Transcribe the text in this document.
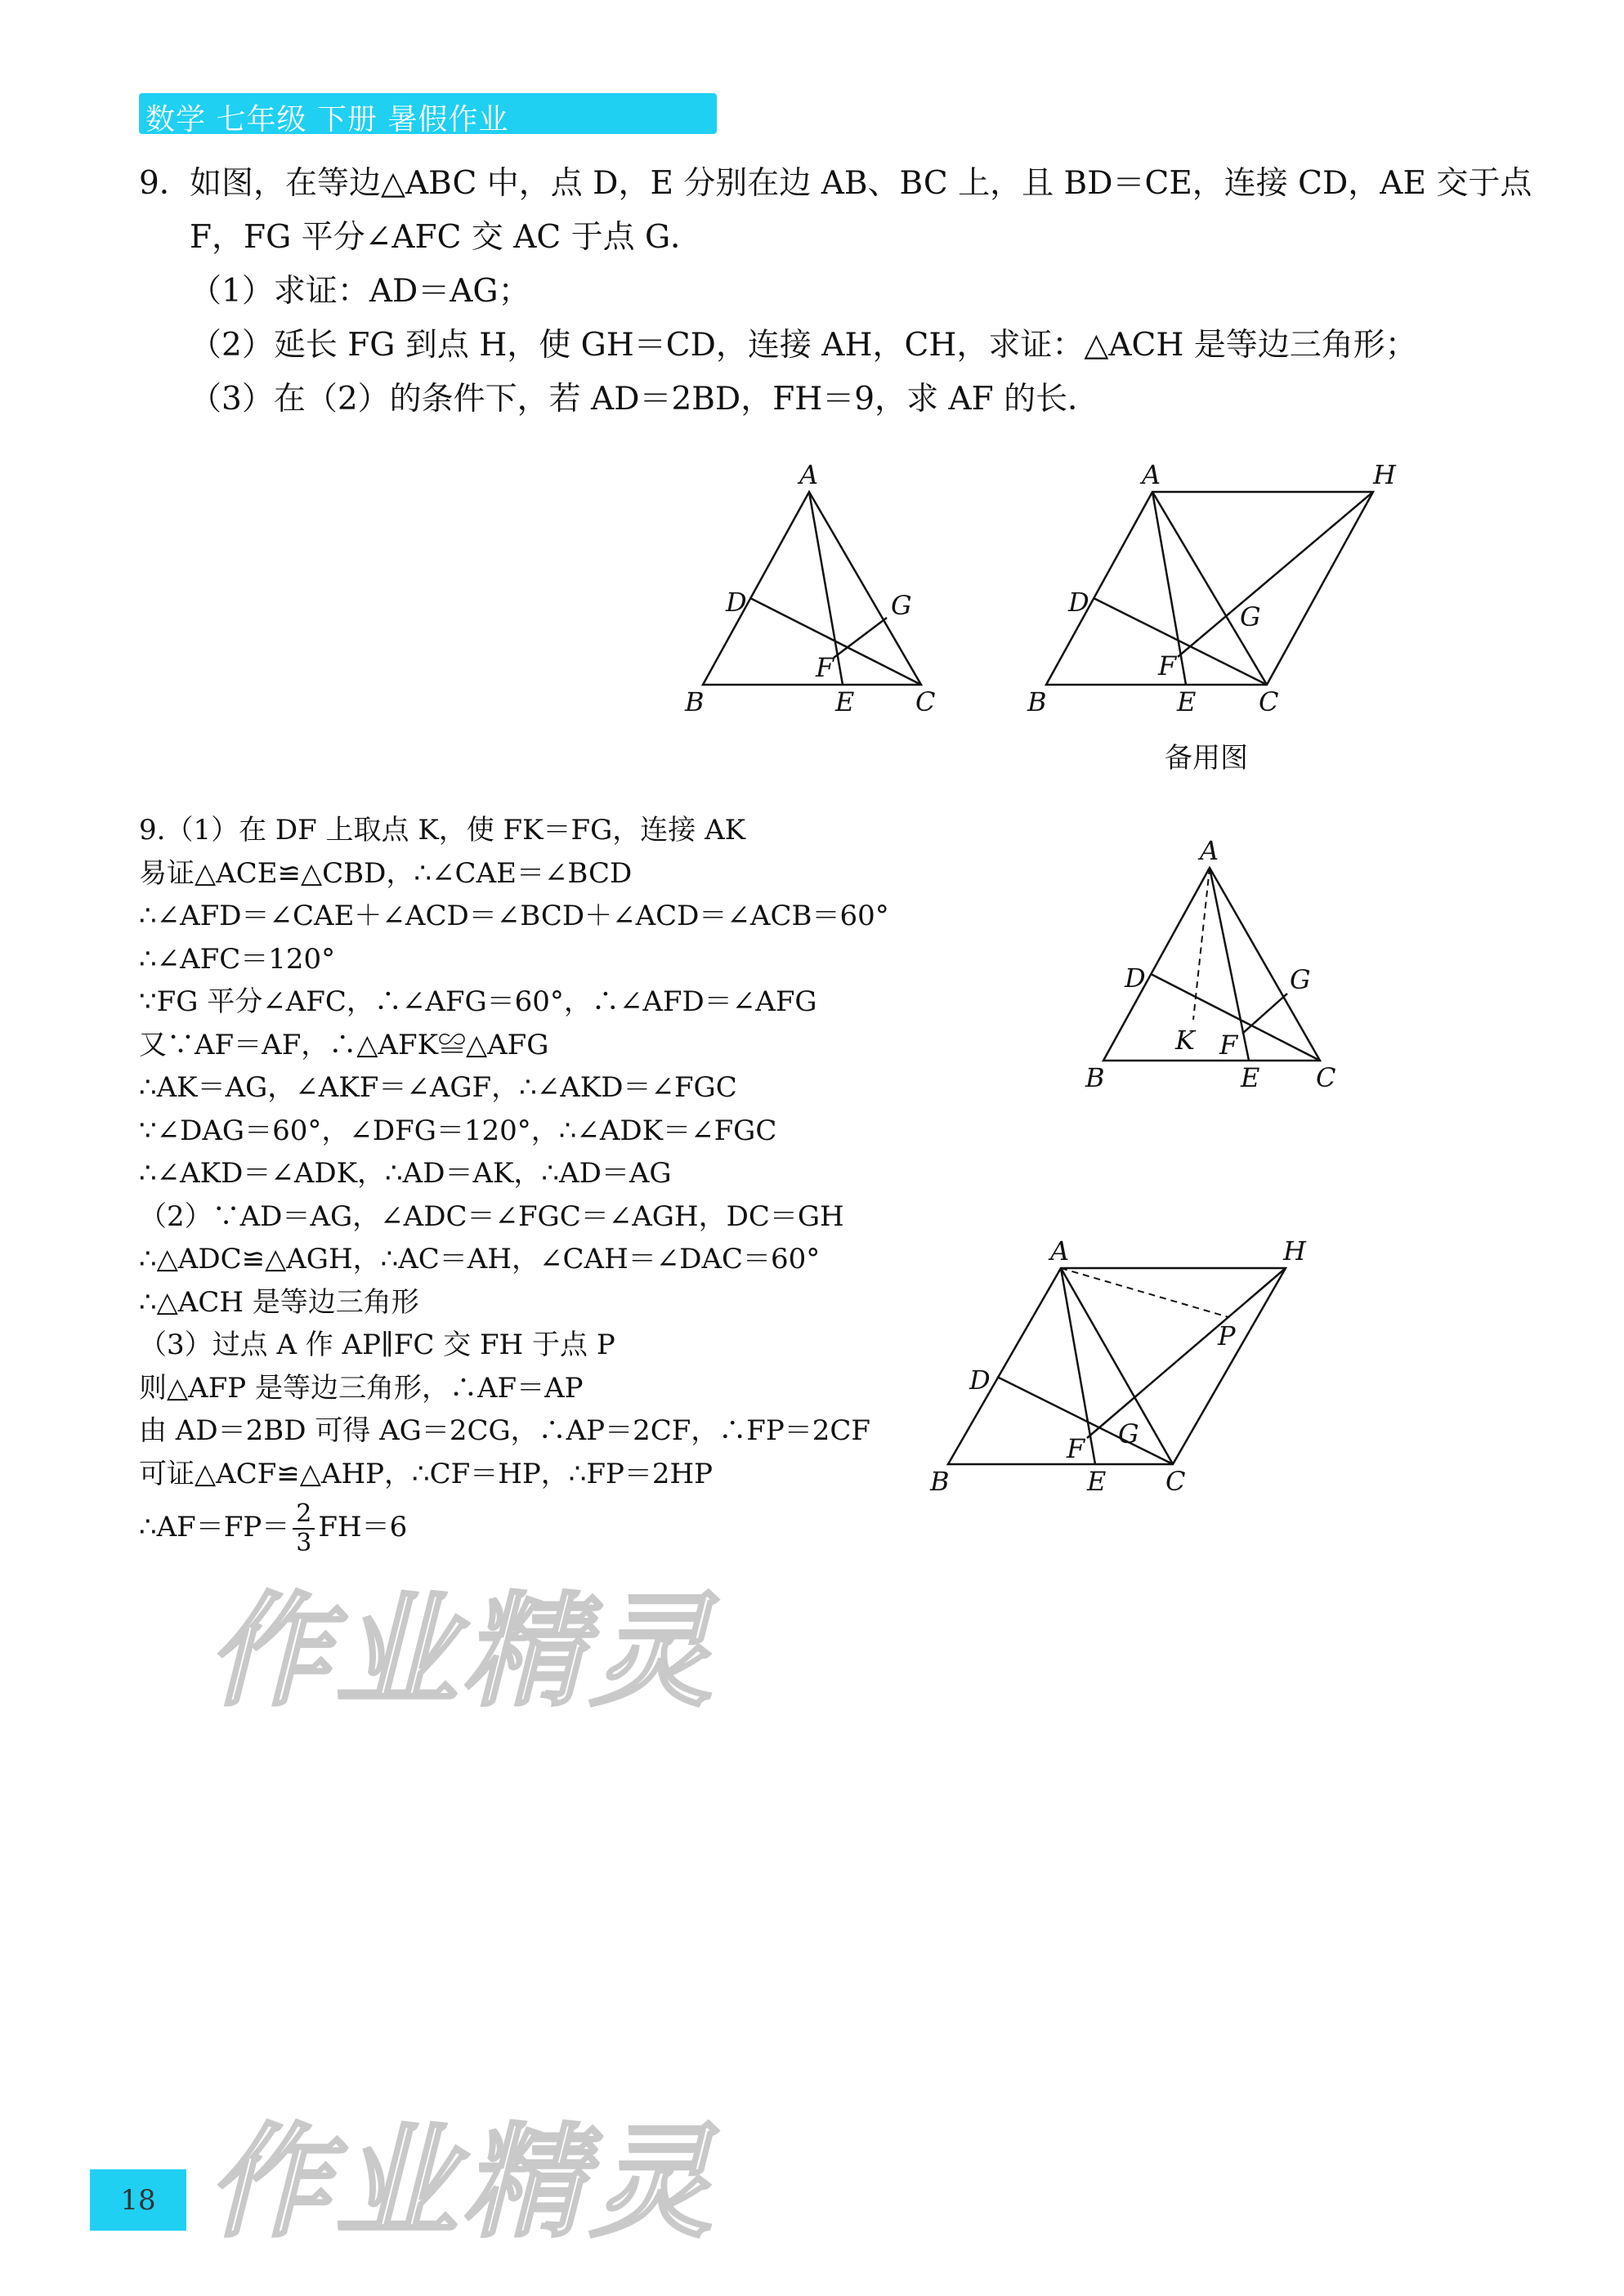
数学 七年级 下册 暑假作业
9．如图，在等边△ABC 中，点 D，E 分别在边 AB、BC 上，且 BD＝CE，连接 CD，AE 交于点
F，FG 平分∠AFC 交 AC 于点 G．
（1）求证：AD＝AG；
（2）延长 FG 到点 H，使 GH＝CD，连接 AH，CH，求证：△ACH 是等边三角形；
（3）在（2）的条件下，若 AD＝2BD，FH＝9，求 AF 的长．
A
B	C
D
E
F
G
A	H
B	C
D
E
F
G
备用图
9.（1）在 DF 上取点 K，使 FK＝FG，连接 AK
易证△ACE≌△CBD，∴∠CAE＝∠BCD
∴∠AFD＝∠CAE＋∠ACD＝∠BCD＋∠ACD＝∠ACB＝60°
∴∠AFC＝120°
∵FG 平分∠AFC，∴∠AFG＝60°，∴∠AFD＝∠AFG
又∵AF＝AF，∴△AFK≌△AFG
∴AK＝AG，∠AKF＝∠AGF，∴∠AKD＝∠FGC
∵∠DAG＝60°，∠DFG＝120°，∴∠ADK＝∠FGC
∴∠AKD＝∠ADK，∴AD＝AK，∴AD＝AG
（2）∵AD＝AG，∠ADC＝∠FGC＝∠AGH，DC＝GH
∴△ADC≌△AGH，∴AC＝AH，∠CAH＝∠DAC＝60°
∴△ACH 是等边三角形
（3）过点 A 作 AP∥FC 交 FH 于点 P
则△AFP 是等边三角形，∴AF＝AP
由 AD＝2BD 可得 AG＝2CG，∴AP＝2CF，∴FP＝2CF
可证△ACF≌△AHP，∴CF＝HP，∴FP＝2HP
∴AF＝FP＝ $\frac{2}{3} FH=6$
A
B	C
D
E
F
G
K
A	H
P
B	C
D
E
F G
作业精灵
作业精灵
18
